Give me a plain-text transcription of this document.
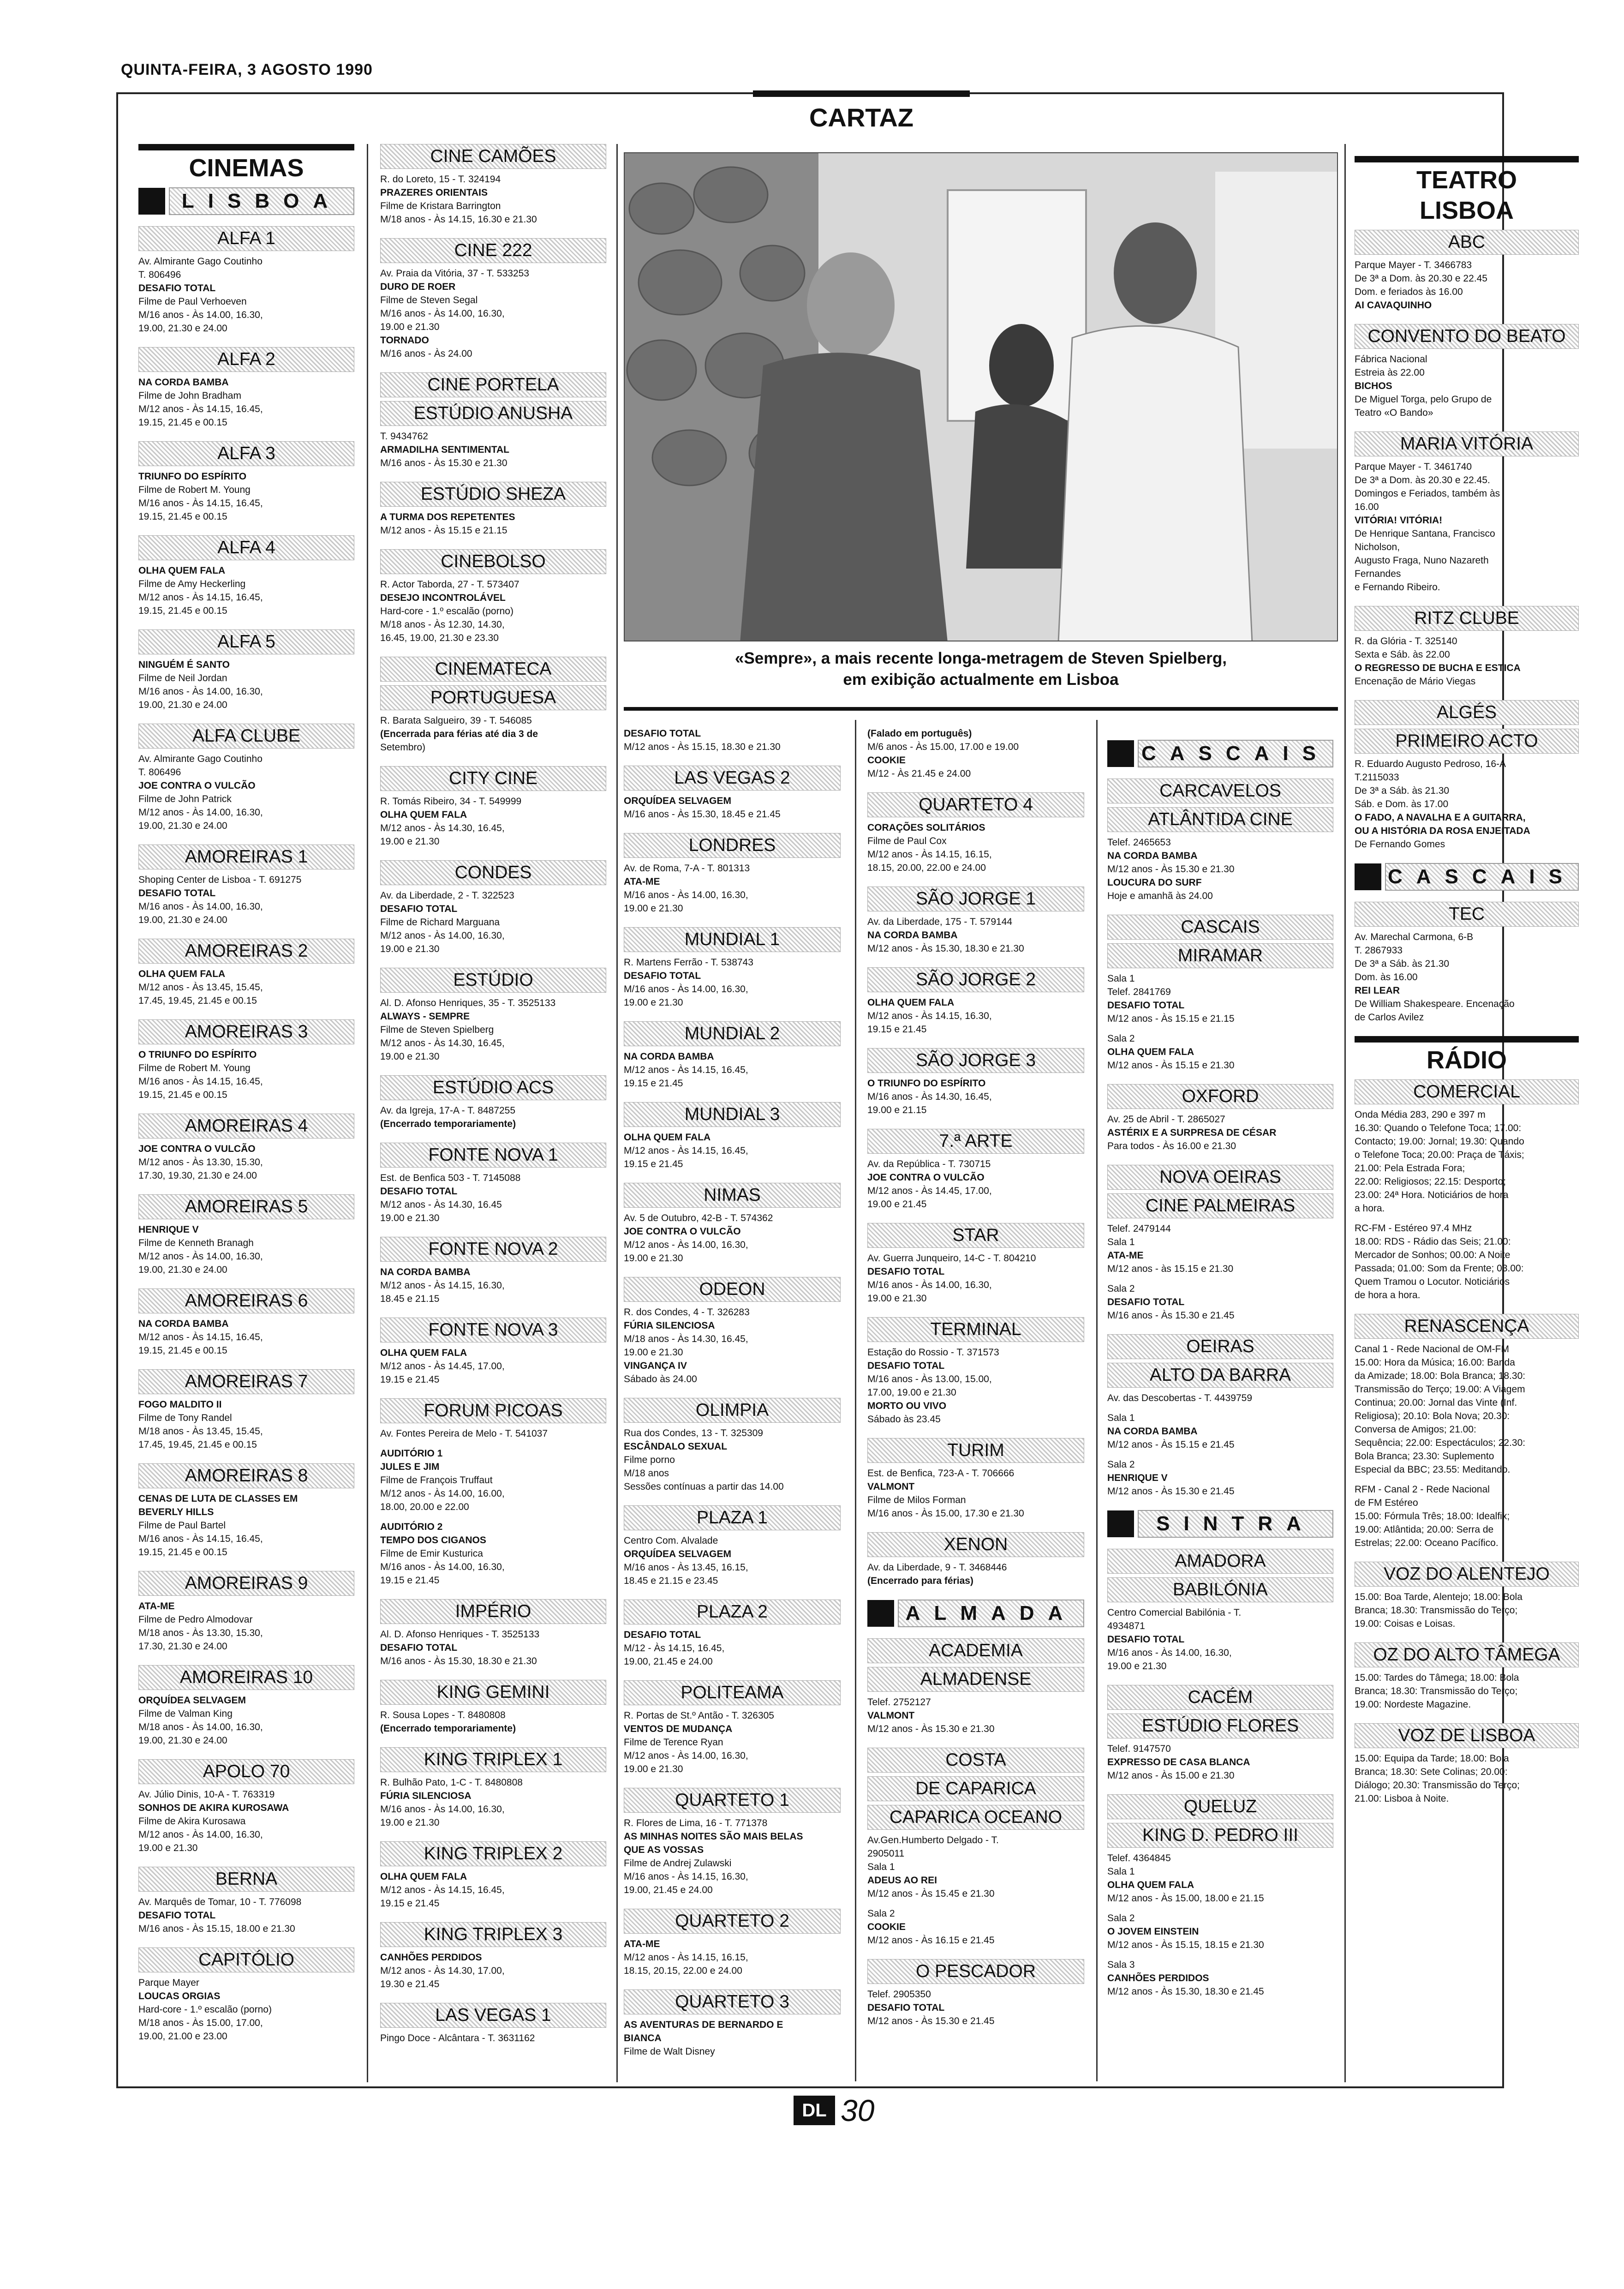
QUINTA-FEIRA, 3 AGOSTO 1990
CARTAZ
CINEMAS
LISBOA
ALFA 1
Av. Almirante Gago Coutinho
T. 806496
DESAFIO TOTAL
Filme de Paul Verhoeven
M/16 anos - Às 14.00, 16.30,
19.00, 21.30 e 24.00
ALFA 2
NA CORDA BAMBA
Filme de John Bradham
M/12 anos - Às 14.15, 16.45,
19.15, 21.45 e 00.15
ALFA 3
TRIUNFO DO ESPÍRITO
Filme de Robert M. Young
M/16 anos - Às 14.15, 16.45,
19.15, 21.45 e 00.15
ALFA 4
OLHA QUEM FALA
Filme de Amy Heckerling
M/12 anos - Às 14.15, 16.45,
19.15, 21.45 e 00.15
ALFA 5
NINGUÉM É SANTO
Filme de Neil Jordan
M/16 anos - Às 14.00, 16.30,
19.00, 21.30 e 24.00
ALFA CLUBE
Av. Almirante Gago Coutinho
T. 806496
JOE CONTRA O VULCÃO
Filme de John Patrick
M/12 anos - Às 14.00, 16.30,
19.00, 21.30 e 24.00
AMOREIRAS 1
Shoping Center de Lisboa - T. 691275
DESAFIO TOTAL
M/16 anos - Às 14.00, 16.30,
19.00, 21.30 e 24.00
AMOREIRAS 2
OLHA QUEM FALA
M/12 anos - Às 13.45, 15.45,
17.45, 19.45, 21.45 e 00.15
AMOREIRAS 3
O TRIUNFO DO ESPÍRITO
Filme de Robert M. Young
M/16 anos - Às 14.15, 16.45,
19.15, 21.45 e 00.15
AMOREIRAS 4
JOE CONTRA O VULCÃO
M/12 anos - Às 13.30, 15.30,
17.30, 19.30, 21.30 e 24.00
AMOREIRAS 5
HENRIQUE V
Filme de Kenneth Branagh
M/12 anos - Às 14.00, 16.30,
19.00, 21.30 e 24.00
AMOREIRAS 6
NA CORDA BAMBA
M/12 anos - Às 14.15, 16.45,
19.15, 21.45 e 00.15
AMOREIRAS 7
FOGO MALDITO II
Filme de Tony Randel
M/18 anos - Às 13.45, 15.45,
17.45, 19.45, 21.45 e 00.15
AMOREIRAS 8
CENAS DE LUTA DE CLASSES EM
BEVERLY HILLS
Filme de Paul Bartel
M/16 anos - Às 14.15, 16.45,
19.15, 21.45 e 00.15
AMOREIRAS 9
ATA-ME
Filme de Pedro Almodovar
M/18 anos - Às 13.30, 15.30,
17.30, 21.30 e 24.00
AMOREIRAS 10
ORQUÍDEA SELVAGEM
Filme de Valman King
M/18 anos - Às 14.00, 16.30,
19.00, 21.30 e 24.00
APOLO 70
Av. Júlio Dinis, 10-A - T. 763319
SONHOS DE AKIRA KUROSAWA
Filme de Akira Kurosawa
M/12 anos - Às 14.00, 16.30,
19.00 e 21.30
BERNA
Av. Marquês de Tomar, 10 - T. 776098
DESAFIO TOTAL
M/16 anos - Às 15.15, 18.00 e 21.30
CAPITÓLIO
Parque Mayer
LOUCAS ORGIAS
Hard-core - 1.º escalão (porno)
M/18 anos - Às 15.00, 17.00,
19.00, 21.00 e 23.00
CINE CAMÕES
R. do Loreto, 15 - T. 324194
PRAZERES ORIENTAIS
Filme de Kristara Barrington
M/18 anos - Às 14.15, 16.30 e 21.30
CINE 222
Av. Praia da Vitória, 37 - T. 533253
DURO DE ROER
Filme de Steven Segal
M/16 anos - Às 14.00, 16.30,
19.00 e 21.30
TORNADO
M/16 anos - Às 24.00
CINE PORTELA
ESTÚDIO ANUSHA
T. 9434762
ARMADILHA SENTIMENTAL
M/16 anos - Às 15.30 e 21.30
ESTÚDIO SHEZA
A TURMA DOS REPETENTES
M/12 anos - Às 15.15 e 21.15
CINEBOLSO
R. Actor Taborda, 27 - T. 573407
DESEJO INCONTROLÁVEL
Hard-core - 1.º escalão (porno)
M/18 anos - Às 12.30, 14.30,
16.45, 19.00, 21.30 e 23.30
CINEMATECA
PORTUGUESA
R. Barata Salgueiro, 39 - T. 546085
(Encerrada para férias até dia 3 de
Setembro)
CITY CINE
R. Tomás Ribeiro, 34 - T. 549999
OLHA QUEM FALA
M/12 anos - Às 14.30, 16.45,
19.00 e 21.30
CONDES
Av. da Liberdade, 2 - T. 322523
DESAFIO TOTAL
Filme de Richard Marguana
M/12 anos - Às 14.00, 16.30,
19.00 e 21.30
ESTÚDIO
Al. D. Afonso Henriques, 35 - T. 3525133
ALWAYS - SEMPRE
Filme de Steven Spielberg
M/12 anos - Às 14.30, 16.45,
19.00 e 21.30
ESTÚDIO ACS
Av. da Igreja, 17-A - T. 8487255
(Encerrado temporariamente)
FONTE NOVA 1
Est. de Benfica 503 - T. 7145088
DESAFIO TOTAL
M/12 anos - Às 14.30, 16.45
19.00 e 21.30
FONTE NOVA 2
NA CORDA BAMBA
M/12 anos - Às 14.15, 16.30,
18.45 e 21.15
FONTE NOVA 3
OLHA QUEM FALA
M/12 anos - Às 14.45, 17.00,
19.15 e 21.45
FORUM PICOAS
Av. Fontes Pereira de Melo - T. 541037
AUDITÓRIO 1
JULES E JIM
Filme de François Truffaut
M/12 anos - Às 14.00, 16.00,
18.00, 20.00 e 22.00
AUDITÓRIO 2
TEMPO DOS CIGANOS
Filme de Emir Kusturica
M/16 anos - Às 14.00, 16.30,
19.15 e 21.45
IMPÉRIO
Al. D. Afonso Henriques - T. 3525133
DESAFIO TOTAL
M/16 anos - Às 15.30, 18.30 e 21.30
KING GEMINI
R. Sousa Lopes - T. 8480808
(Encerrado temporariamente)
KING TRIPLEX 1
R. Bulhão Pato, 1-C - T. 8480808
FÚRIA SILENCIOSA
M/16 anos - Às 14.00, 16.30,
19.00 e 21.30
KING TRIPLEX 2
OLHA QUEM FALA
M/12 anos - Às 14.15, 16.45,
19.15 e 21.45
KING TRIPLEX 3
CANHÕES PERDIDOS
M/12 anos - Às 14.30, 17.00,
19.30 e 21.45
LAS VEGAS 1
Pingo Doce - Alcântara - T. 3631162
DESAFIO TOTAL
M/12 anos - Às 15.15, 18.30 e 21.30
LAS VEGAS 2
ORQUÍDEA SELVAGEM
M/16 anos - Às 15.30, 18.45 e 21.45
LONDRES
Av. de Roma, 7-A - T. 801313
ATA-ME
M/16 anos - Às 14.00, 16.30,
19.00 e 21.30
MUNDIAL 1
R. Martens Ferrão - T. 538743
DESAFIO TOTAL
M/16 anos - Às 14.00, 16.30,
19.00 e 21.30
MUNDIAL 2
NA CORDA BAMBA
M/12 anos - Às 14.15, 16.45,
19.15 e 21.45
MUNDIAL 3
OLHA QUEM FALA
M/12 anos - Às 14.15, 16.45,
19.15 e 21.45
NIMAS
Av. 5 de Outubro, 42-B - T. 574362
JOE CONTRA O VULCÃO
M/12 anos - Às 14.00, 16.30,
19.00 e 21.30
ODEON
R. dos Condes, 4 - T. 326283
FÚRIA SILENCIOSA
M/18 anos - Às 14.30, 16.45,
19.00 e 21.30
VINGANÇA IV
Sábado às 24.00
OLIMPIA
Rua dos Condes, 13 - T. 325309
ESCÂNDALO SEXUAL
Filme porno
M/18 anos
Sessões contínuas a partir das 14.00
PLAZA 1
Centro Com. Alvalade
ORQUÍDEA SELVAGEM
M/16 anos - Às 13.45, 16.15,
18.45 e 21.15 e 23.45
PLAZA 2
DESAFIO TOTAL
M/12 - Às 14.15, 16.45,
19.00, 21.45 e 24.00
POLITEAMA
R. Portas de St.º Antão - T. 326305
VENTOS DE MUDANÇA
Filme de Terence Ryan
M/12 anos - Às 14.00, 16.30,
19.00 e 21.30
QUARTETO 1
R. Flores de Lima, 16 - T. 771378
AS MINHAS NOITES SÃO MAIS BELAS
QUE AS VOSSAS
Filme de Andrej Zulawski
M/16 anos - Às 14.15, 16.30,
19.00, 21.45 e 24.00
QUARTETO 2
ATA-ME
M/12 anos - Às 14.15, 16.15,
18.15, 20.15, 22.00 e 24.00
QUARTETO 3
AS AVENTURAS DE BERNARDO E
BIANCA
Filme de Walt Disney
(Falado em português)
M/6 anos - Às 15.00, 17.00 e 19.00
COOKIE
M/12 - Às 21.45 e 24.00
QUARTETO 4
CORAÇÕES SOLITÁRIOS
Filme de Paul Cox
M/12 anos - Às 14.15, 16.15,
18.15, 20.00, 22.00 e 24.00
SÃO JORGE 1
Av. da Liberdade, 175 - T. 579144
NA CORDA BAMBA
M/12 anos - Às 15.30, 18.30 e 21.30
SÃO JORGE 2
OLHA QUEM FALA
M/12 anos - Às 14.15, 16.30,
19.15 e 21.45
SÃO JORGE 3
O TRIUNFO DO ESPÍRITO
M/16 anos - Às 14.30, 16.45,
19.00 e 21.15
7.ª ARTE
Av. da República - T. 730715
JOE CONTRA O VULCÃO
M/12 anos - Às 14.45, 17.00,
19.00 e 21.45
STAR
Av. Guerra Junqueiro, 14-C - T. 804210
DESAFIO TOTAL
M/16 anos - Às 14.00, 16.30,
19.00 e 21.30
TERMINAL
Estação do Rossio - T. 371573
DESAFIO TOTAL
M/16 anos - Às 13.00, 15.00,
17.00, 19.00 e 21.30
MORTO OU VIVO
Sábado às 23.45
TURIM
Est. de Benfica, 723-A - T. 706666
VALMONT
Filme de Milos Forman
M/16 anos - Às 15.00, 17.30 e 21.30
XENON
Av. da Liberdade, 9 - T. 3468446
(Encerrado para férias)
ALMADA
ACADEMIA
ALMADENSE
Telef. 2752127
VALMONT
M/12 anos - Às 15.30 e 21.30
COSTA
DE CAPARICA
CAPARICA OCEANO
Av.Gen.Humberto Delgado - T.
2905011
Sala 1
ADEUS AO REI
M/12 anos - Às 15.45 e 21.30
Sala 2
COOKIE
M/12 anos - Às 16.15 e 21.45
O PESCADOR
Telef. 2905350
DESAFIO TOTAL
M/12 anos - Às 15.30 e 21.45
CASCAIS
CARCAVELOS
ATLÂNTIDA CINE
Telef. 2465653
NA CORDA BAMBA
M/12 anos - Às 15.30 e 21.30
LOUCURA DO SURF
Hoje e amanhã às 24.00
CASCAIS
MIRAMAR
Sala 1
Telef. 2841769
DESAFIO TOTAL
M/12 anos - Às 15.15 e 21.15
Sala 2
OLHA QUEM FALA
M/12 anos - Às 15.15 e 21.30
OXFORD
Av. 25 de Abril - T. 2865027
ASTÉRIX E A SURPRESA DE CÉSAR
Para todos - Às 16.00 e 21.30
NOVA OEIRAS
CINE PALMEIRAS
Telef. 2479144
Sala 1
ATA-ME
M/12 anos - às 15.15 e 21.30
Sala 2
DESAFIO TOTAL
M/16 anos - Às 15.30 e 21.45
OEIRAS
ALTO DA BARRA
Av. das Descobertas - T. 4439759
Sala 1
NA CORDA BAMBA
M/12 anos - Às 15.15 e 21.45
Sala 2
HENRIQUE V
M/12 anos - Às 15.30 e 21.45
SINTRA
AMADORA
BABILÓNIA
Centro Comercial Babilónia - T.
4934871
DESAFIO TOTAL
M/16 anos - Às 14.00, 16.30,
19.00 e 21.30
CACÉM
ESTÚDIO FLORES
Telef. 9147570
EXPRESSO DE CASA BLANCA
M/12 anos - Às 15.00 e 21.30
QUELUZ
KING D. PEDRO III
Telef. 4364845
Sala 1
OLHA QUEM FALA
M/12 anos - Às 15.00, 18.00 e 21.15
Sala 2
O JOVEM EINSTEIN
M/12 anos - Às 15.15, 18.15 e 21.30
Sala 3
CANHÕES PERDIDOS
M/12 anos - Às 15.30, 18.30 e 21.45
TEATRO
LISBOA
ABC
Parque Mayer - T. 3466783
De 3ª a Dom. às 20.30 e 22.45
Dom. e feriados às 16.00
AI CAVAQUINHO
CONVENTO DO BEATO
Fábrica Nacional
Estreia às 22.00
BICHOS
De Miguel Torga, pelo Grupo de
Teatro «O Bando»
MARIA VITÓRIA
Parque Mayer - T. 3461740
De 3ª a Dom. às 20.30 e 22.45.
Domingos e Feriados, também às
16.00
VITÓRIA! VITÓRIA!
De Henrique Santana, Francisco
Nicholson,
Augusto Fraga, Nuno Nazareth
Fernandes
e Fernando Ribeiro.
RITZ CLUBE
R. da Glória - T. 325140
Sexta e Sáb. às 22.00
O REGRESSO DE BUCHA E ESTICA
Encenação de Mário Viegas
ALGÉS
PRIMEIRO ACTO
R. Eduardo Augusto Pedroso, 16-A
T.2115033
De 3ª a Sáb. às 21.30
Sáb. e Dom. às 17.00
O FADO, A NAVALHA E A GUITARRA,
OU A HISTÓRIA DA ROSA ENJEITADA
De Fernando Gomes
CASCAIS
TEC
Av. Marechal Carmona, 6-B
T. 2867933
De 3ª a Sáb. às 21.30
Dom. às 16.00
REI LEAR
De William Shakespeare. Encenação
de Carlos Avilez
RÁDIO
COMERCIAL
Onda Média 283, 290 e 397 m
16.30: Quando o Telefone Toca; 17.00:
Contacto; 19.00: Jornal; 19.30: Quando
o Telefone Toca; 20.00: Praça de Táxis;
21.00: Pela Estrada Fora;
22.00: Religiosos; 22.15: Desporto;
23.00: 24ª Hora. Noticiários de hora
a hora.
RC-FM - Estéreo 97.4 MHz
18.00: RDS - Rádio das Seis; 21.00:
Mercador de Sonhos; 00.00: A Noite
Passada; 01.00: Som da Frente; 03.00:
Quem Tramou o Locutor. Noticiários
de hora a hora.
RENASCENÇA
Canal 1 - Rede Nacional de OM-FM
15.00: Hora da Música; 16.00: Banda
da Amizade; 18.00: Bola Branca; 18.30:
Transmissão do Terço; 19.00: A Viagem
Continua; 20.00: Jornal das Vinte (Inf.
Religiosa); 20.10: Bola Nova; 20.30:
Conversa de Amigos; 21.00:
Sequência; 22.00: Espectáculos; 22.30:
Bola Branca; 23.30: Suplemento
Especial da BBC; 23.55: Meditando.
RFM - Canal 2 - Rede Nacional
de FM Estéreo
15.00: Fórmula Três; 18.00: Idealfix;
19.00: Atlântida; 20.00: Serra de
Estrelas; 22.00: Oceano Pacífico.
VOZ DO ALENTEJO
15.00: Boa Tarde, Alentejo; 18.00: Bola
Branca; 18.30: Transmissão do Terço;
19.00: Coisas e Loisas.
OZ DO ALTO TÂMEGA
15.00: Tardes do Tâmega; 18.00: Bola
Branca; 18.30: Transmissão do Terço;
19.00: Nordeste Magazine.
VOZ DE LISBOA
15.00: Equipa da Tarde; 18.00: Bola
Branca; 18.30: Sete Colinas; 20.00:
Diálogo; 20.30: Transmissão do Terço;
21.00: Lisboa à Noite.
«Sempre», a mais recente longa-metragem de Steven Spielberg,
em exibição actualmente em Lisboa
DL 30
